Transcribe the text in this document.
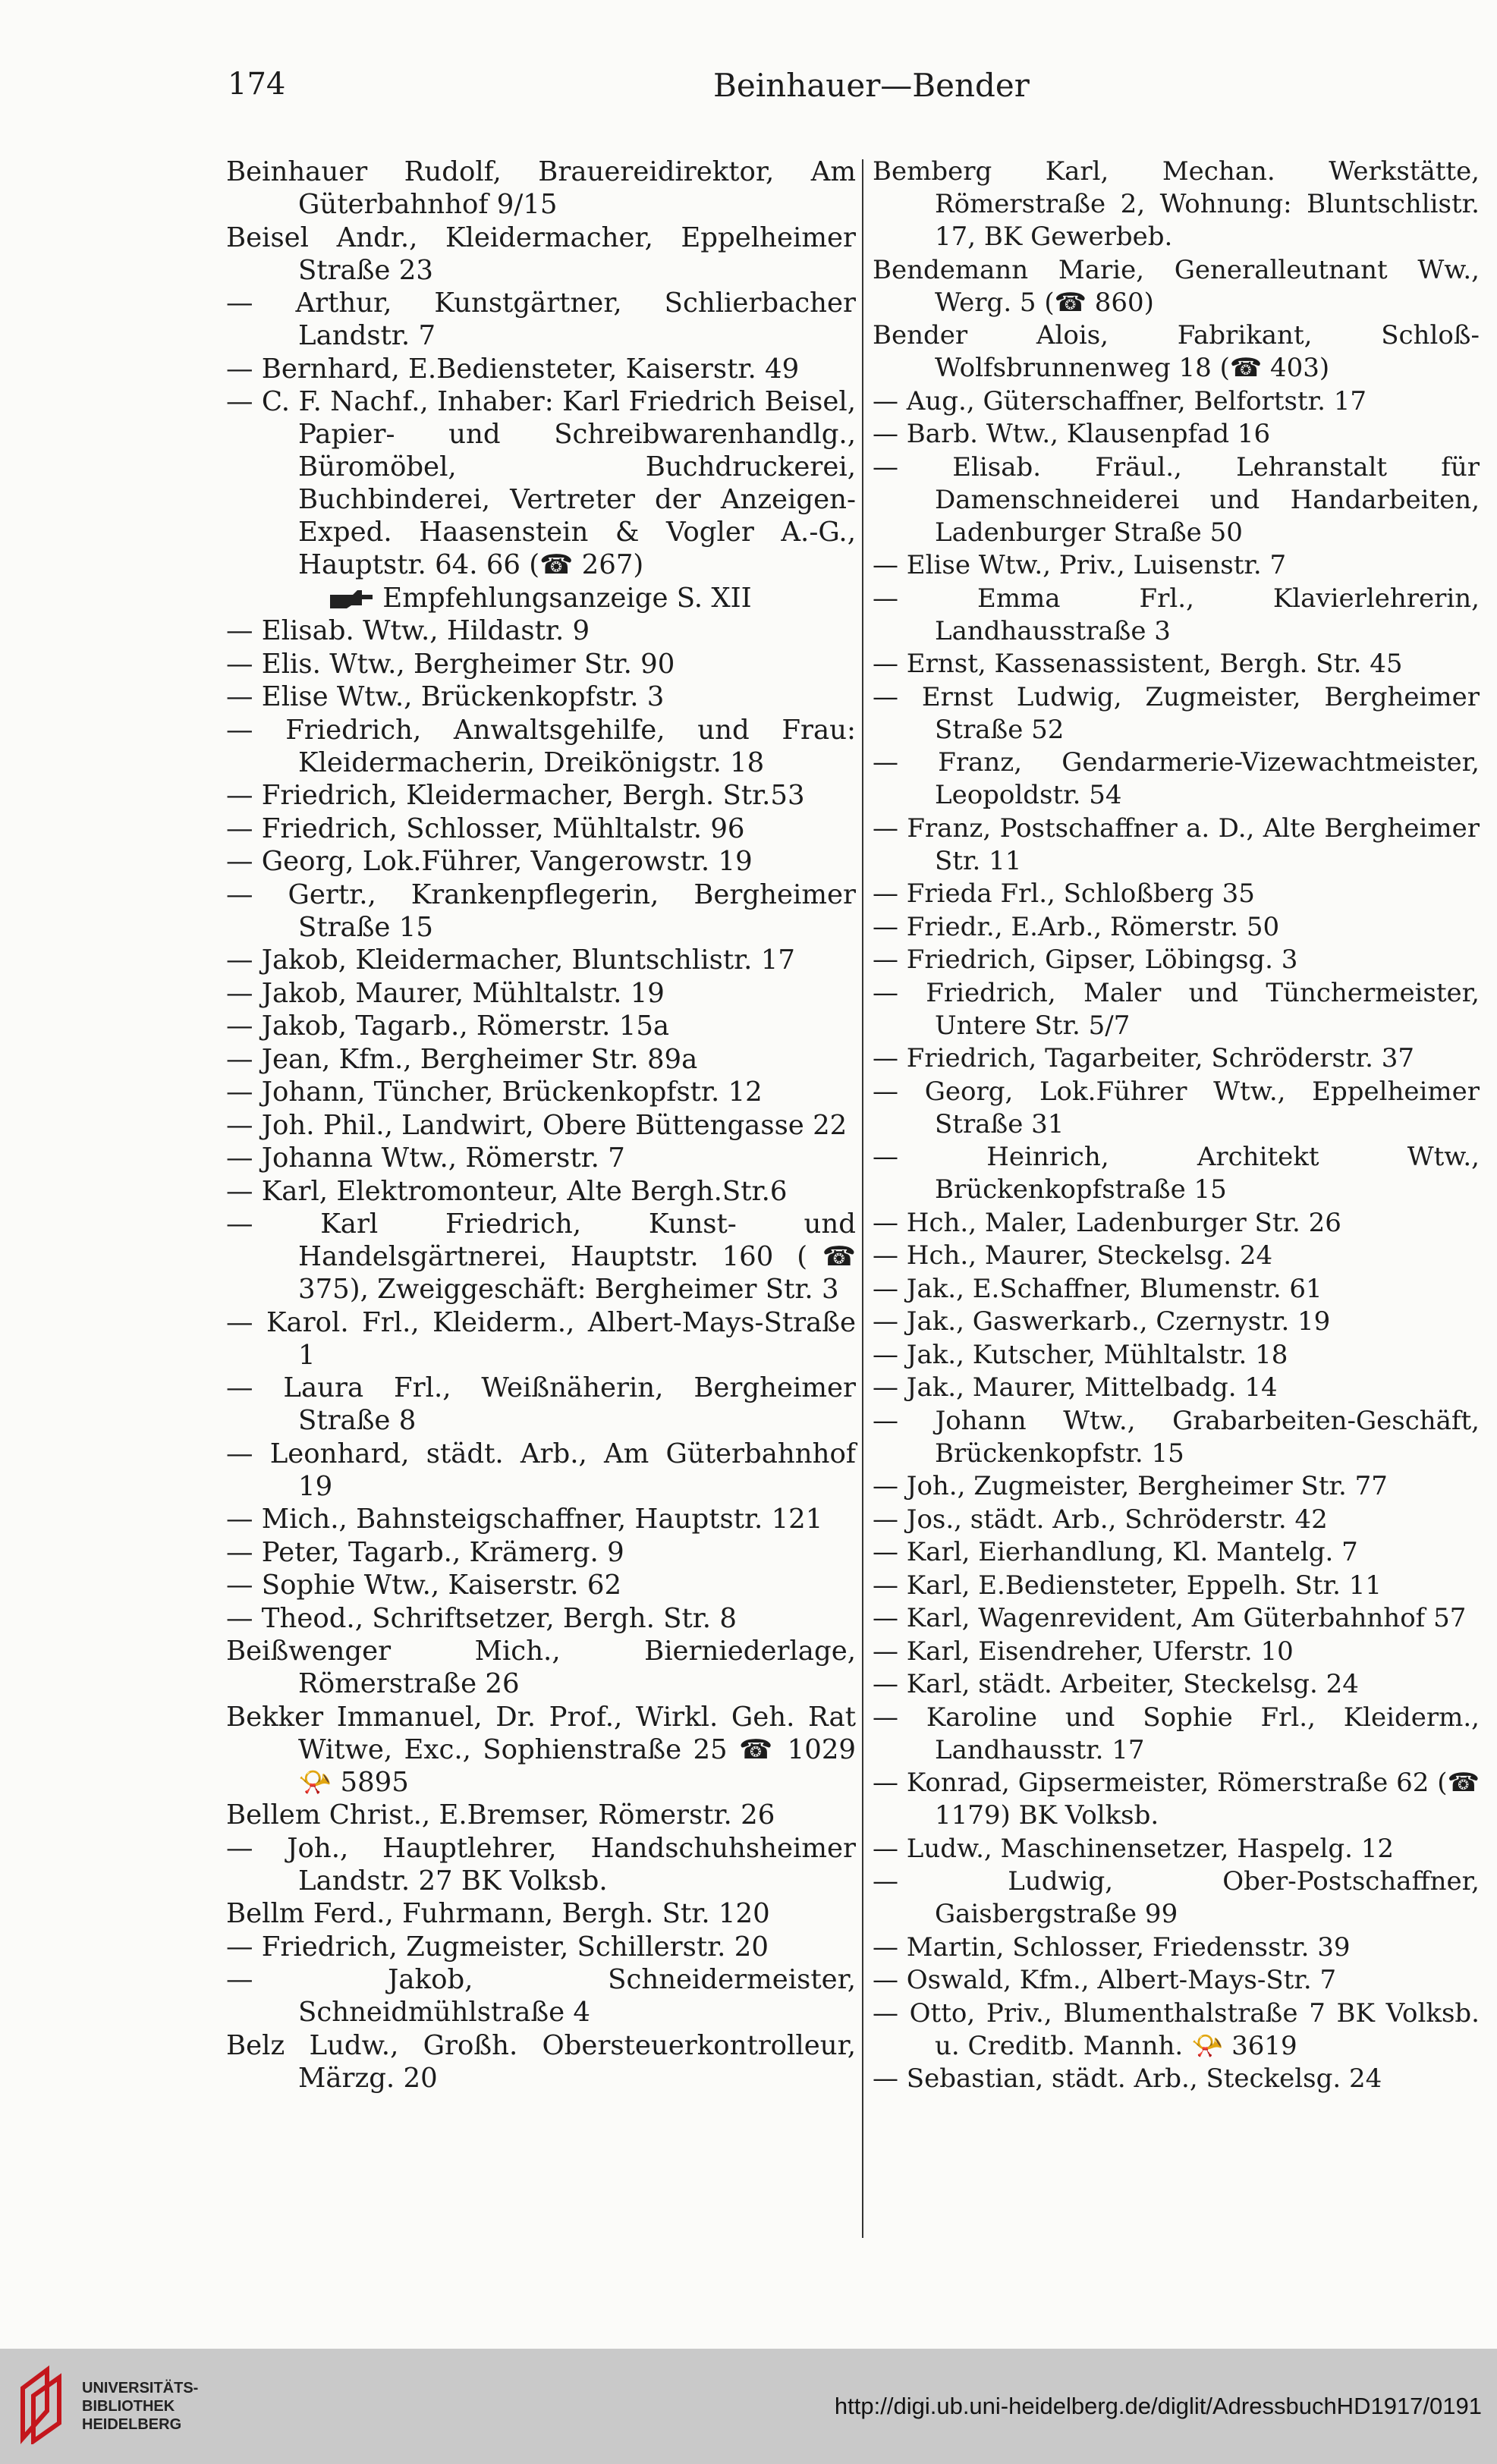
174	Beinhauer—Bender

Beinhauer Rudolf, Brauereidirektor, Am Güterbahnhof 9/15

Beisel Andr., Kleidermacher, Eppelheimer Straße 23

— Arthur, Kunstgärtner, Schlierbacher Landstr. 7

— Bernhard, E.Bediensteter, Kaiserstr. 49

— C. F. Nachf., Inhaber: Karl Friedrich Beisel, Papier- und Schreibwarenhandlg., Büromöbel, Buchdruckerei, Buchbinderei, Vertreter der Anzeigen-Exped. Haasenstein & Vogler A.-G., Hauptstr. 64. 66 (☎ 267)

Empfehlungsanzeige S. XII

— Elisab. Wtw., Hildastr. 9

— Elis. Wtw., Bergheimer Str. 90

— Elise Wtw., Brückenkopfstr. 3

— Friedrich, Anwaltsgehilfe, und Frau: Kleidermacherin, Dreikönigstr. 18

— Friedrich, Kleidermacher, Bergh. Str.53

— Friedrich, Schlosser, Mühltalstr. 96

— Georg, Lok.Führer, Vangerowstr. 19

— Gertr., Krankenpflegerin, Bergheimer Straße 15

— Jakob, Kleidermacher, Bluntschlistr. 17

— Jakob, Maurer, Mühltalstr. 19

— Jakob, Tagarb., Römerstr. 15a

— Jean, Kfm., Bergheimer Str. 89a

— Johann, Tüncher, Brückenkopfstr. 12

— Joh. Phil., Landwirt, Obere Büttengasse 22

— Johanna Wtw., Römerstr. 7

— Karl, Elektromonteur, Alte Bergh.Str.6

— Karl Friedrich, Kunst- und Handelsgärtnerei, Hauptstr. 160 (☎ 375), Zweiggeschäft: Bergheimer Str. 3

— Karol. Frl., Kleiderm., Albert-Mays-Straße 1

— Laura Frl., Weißnäherin, Bergheimer Straße 8

— Leonhard, städt. Arb., Am Güterbahnhof 19

— Mich., Bahnsteigschaffner, Hauptstr. 121

— Peter, Tagarb., Krämerg. 9

— Sophie Wtw., Kaiserstr. 62

— Theod., Schriftsetzer, Bergh. Str. 8

Beißwenger Mich., Bierniederlage, Römerstraße 26

Bekker Immanuel, Dr. Prof., Wirkl. Geh. Rat Witwe, Exc., Sophienstraße 25 ☎ 1029 📯 5895

Bellem Christ., E.Bremser, Römerstr. 26

— Joh., Hauptlehrer, Handschuhsheimer Landstr. 27 BK Volksb.

Bellm Ferd., Fuhrmann, Bergh. Str. 120

— Friedrich, Zugmeister, Schillerstr. 20

— Jakob, Schneidermeister, Schneidmühlstraße 4

Belz Ludw., Großh. Obersteuerkontrolleur, Märzg. 20

Bemberg Karl, Mechan. Werkstätte, Römerstraße 2, Wohnung: Bluntschlistr. 17, BK Gewerbeb.

Bendemann Marie, Generalleutnant Ww., Werg. 5 (☎ 860)

Bender Alois, Fabrikant, Schloß-Wolfsbrunnenweg 18 (☎ 403)

— Aug., Güterschaffner, Belfortstr. 17

— Barb. Wtw., Klausenpfad 16

— Elisab. Fräul., Lehranstalt für Damenschneiderei und Handarbeiten, Ladenburger Straße 50

— Elise Wtw., Priv., Luisenstr. 7

— Emma Frl., Klavierlehrerin, Landhausstraße 3

— Ernst, Kassenassistent, Bergh. Str. 45

— Ernst Ludwig, Zugmeister, Bergheimer Straße 52

— Franz, Gendarmerie-Vizewachtmeister, Leopoldstr. 54

— Franz, Postschaffner a. D., Alte Bergheimer Str. 11

— Frieda Frl., Schloßberg 35

— Friedr., E.Arb., Römerstr. 50

— Friedrich, Gipser, Löbingsg. 3

— Friedrich, Maler und Tünchermeister, Untere Str. 5/7

— Friedrich, Tagarbeiter, Schröderstr. 37

— Georg, Lok.Führer Wtw., Eppelheimer Straße 31

— Heinrich, Architekt Wtw., Brückenkopfstraße 15

— Hch., Maler, Ladenburger Str. 26

— Hch., Maurer, Steckelsg. 24

— Jak., E.Schaffner, Blumenstr. 61

— Jak., Gaswerkarb., Czernystr. 19

— Jak., Kutscher, Mühltalstr. 18

— Jak., Maurer, Mittelbadg. 14

— Johann Wtw., Grabarbeiten-Geschäft, Brückenkopfstr. 15

— Joh., Zugmeister, Bergheimer Str. 77

— Jos., städt. Arb., Schröderstr. 42

— Karl, Eierhandlung, Kl. Mantelg. 7

— Karl, E.Bediensteter, Eppelh. Str. 11

— Karl, Wagenrevident, Am Güterbahnhof 57

— Karl, Eisendreher, Uferstr. 10

— Karl, städt. Arbeiter, Steckelsg. 24

— Karoline und Sophie Frl., Kleiderm., Landhausstr. 17

— Konrad, Gipsermeister, Römerstraße 62 (☎ 1179) BK Volksb.

— Ludw., Maschinensetzer, Haspelg. 12

— Ludwig, Ober-Postschaffner, Gaisbergstraße 99

— Martin, Schlosser, Friedensstr. 39

— Oswald, Kfm., Albert-Mays-Str. 7

— Otto, Priv., Blumenthalstraße 7 BK Volksb. u. Creditb. Mannh. 📯 3619

— Sebastian, städt. Arb., Steckelsg. 24

UNIVERSITÄTS-
BIBLIOTHEK
HEIDELBERG
http://digi.ub.uni-heidelberg.de/diglit/AdressbuchHD1917/0191
